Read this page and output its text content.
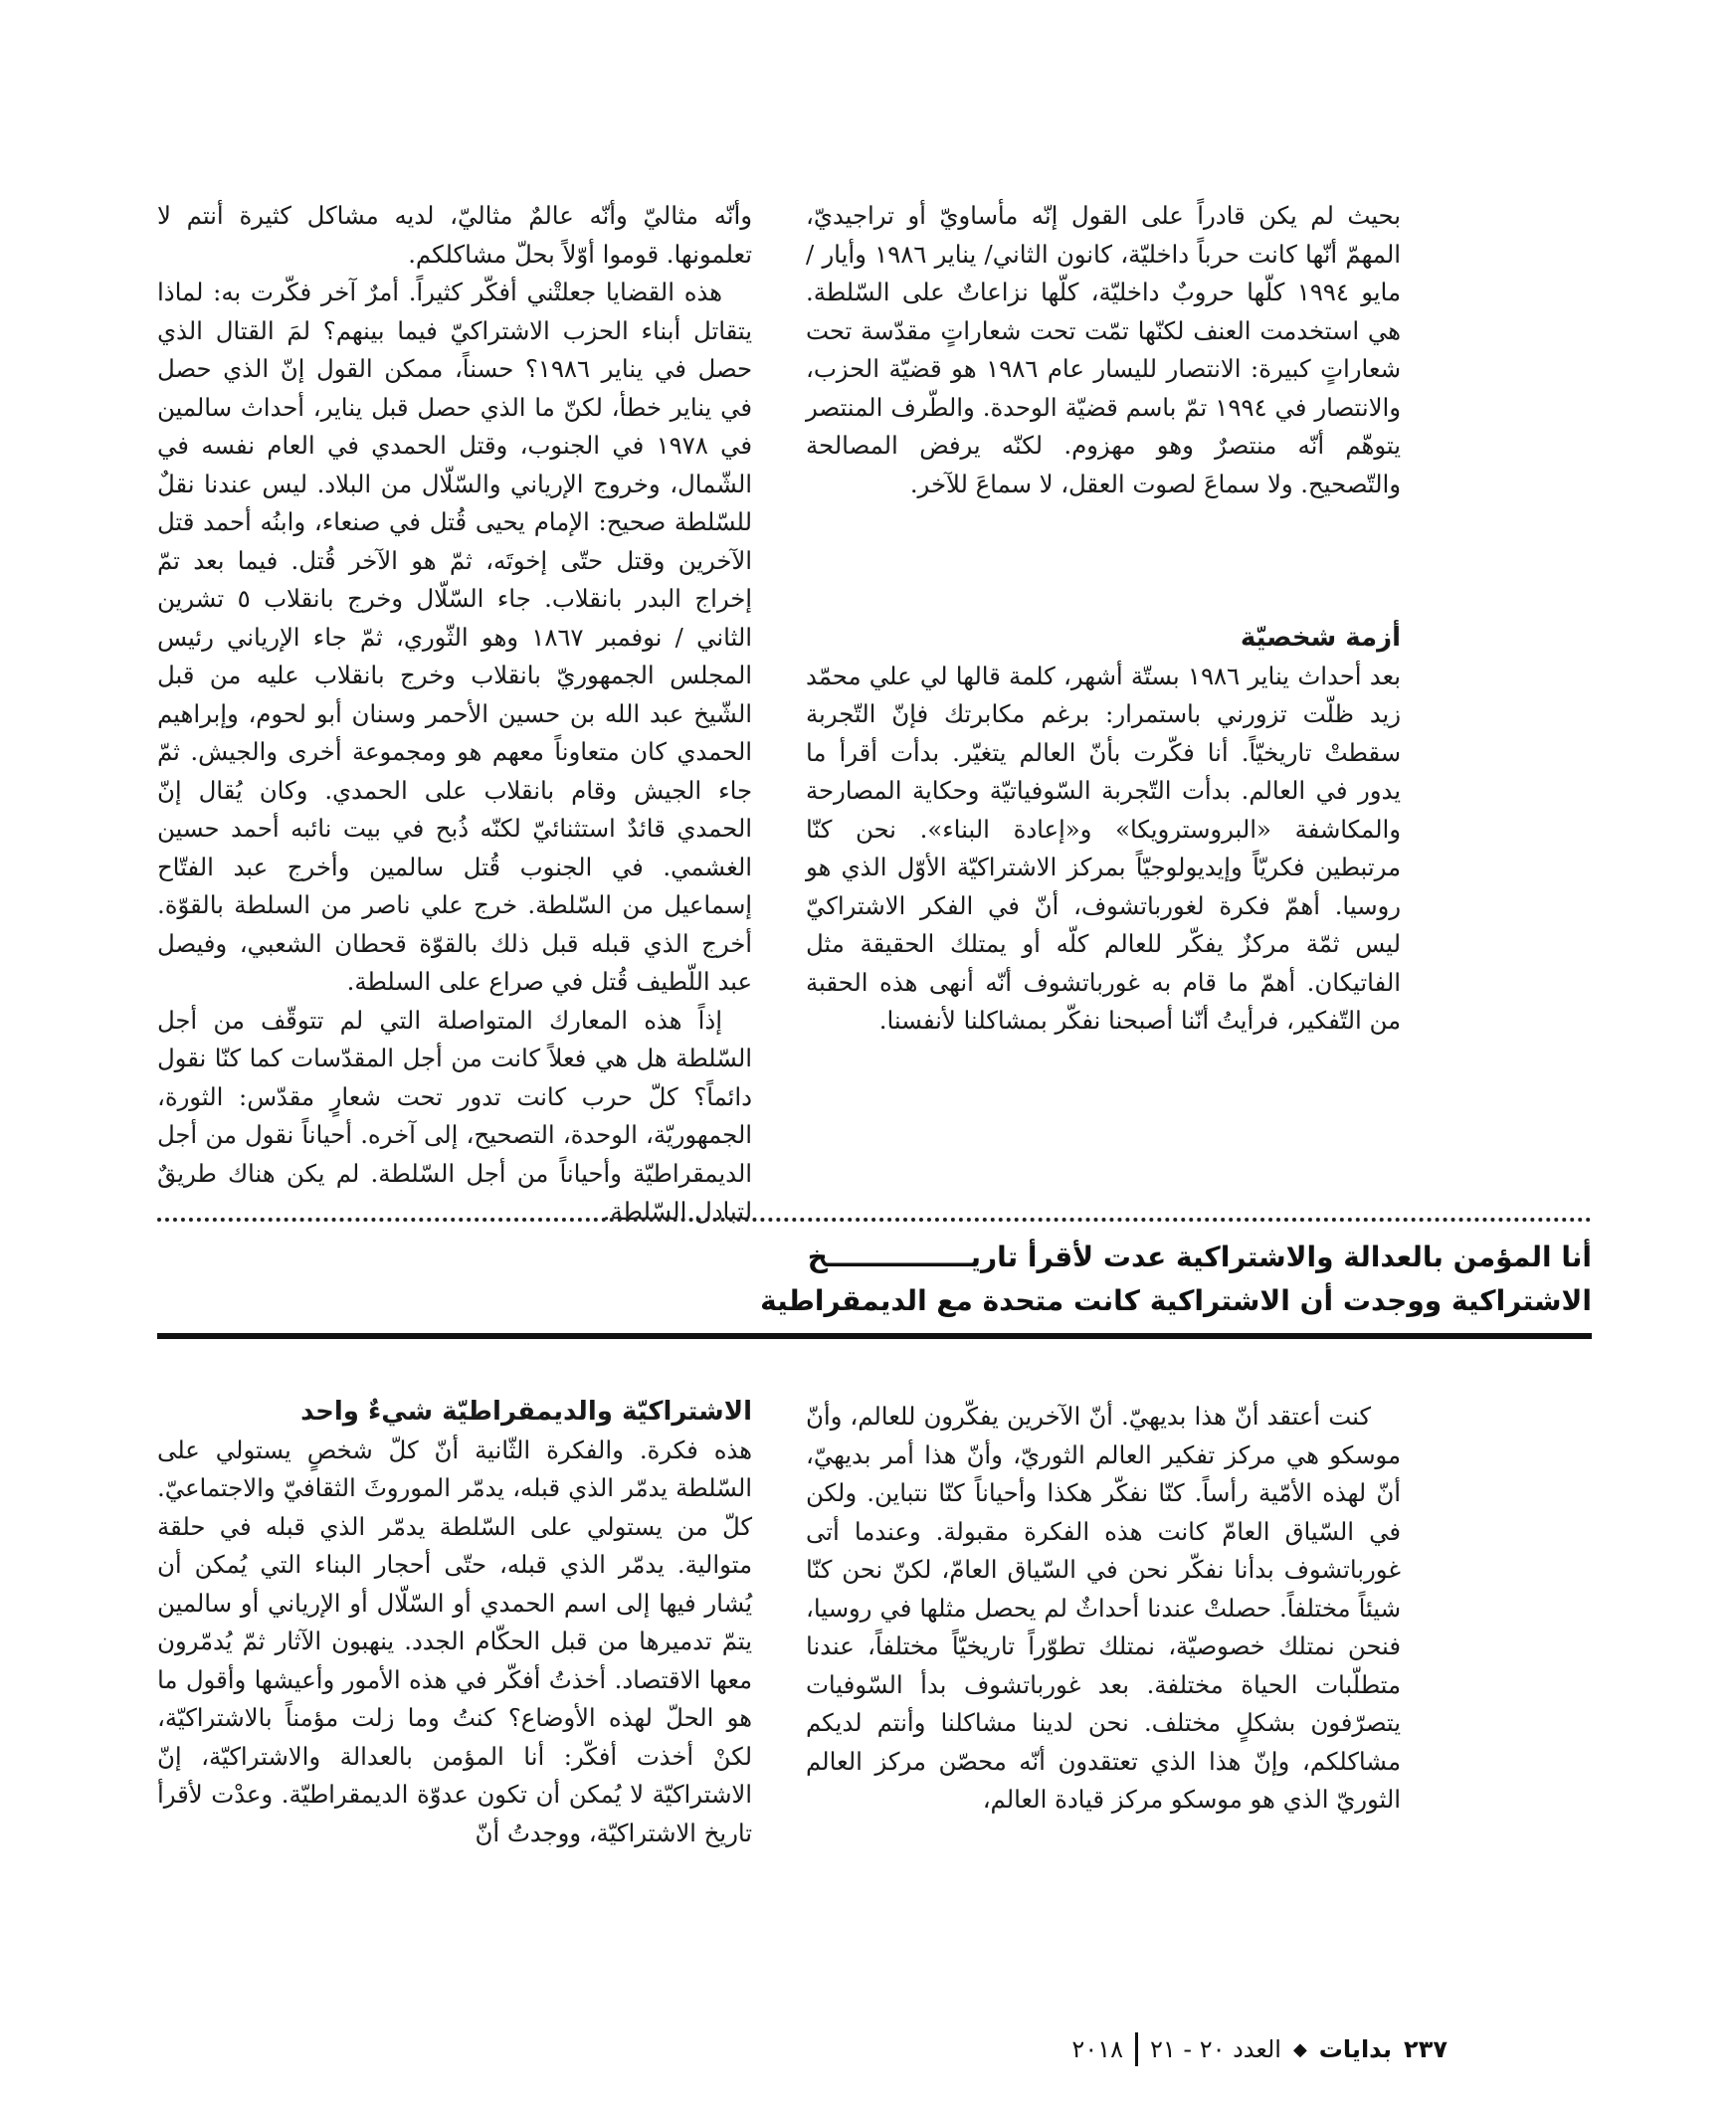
بحيث لم يكن قادراً على القول إنّه مأساويّ أو تراجيديّ، المهمّ أنّها كانت حرباً داخليّة، كانون الثاني/ يناير ١٩٨٦ وأيار / مايو ١٩٩٤ كلّها حروبٌ داخليّة، كلّها نزاعاتٌ على السّلطة. هي استخدمت العنف لكنّها تمّت تحت شعاراتٍ مقدّسة تحت شعاراتٍ كبيرة: الانتصار لليسار عام ١٩٨٦ هو قضيّة الحزب، والانتصار في ١٩٩٤ تمّ باسم قضيّة الوحدة. والطّرف المنتصر يتوهّم أنّه منتصرٌ وهو مهزوم. لكنّه يرفض المصالحة والتّصحيح. ولا سماعَ لصوت العقل، لا سماعَ للآخر.

أزمة شخصيّة

بعد أحداث يناير ١٩٨٦ بستّة أشهر، كلمة قالها لي علي محمّد زيد ظلّت تزورني باستمرار: برغم مكابرتك فإنّ التّجربة سقطتْ تاريخيّاً. أنا فكّرت بأنّ العالم يتغيّر. بدأت أقرأ ما يدور في العالم. بدأت التّجربة السّوفياتيّة وحكاية المصارحة والمكاشفة «البروسترويكا» و«إعادة البناء». نحن كنّا مرتبطين فكريّاً وإيديولوجيّاً بمركز الاشتراكيّة الأوّل الذي هو روسيا. أهمّ فكرة لغورباتشوف، أنّ في الفكر الاشتراكيّ ليس ثمّة مركزٌ يفكّر للعالم كلّه أو يمتلك الحقيقة مثل الفاتيكان. أهمّ ما قام به غورباتشوف أنّه أنهى هذه الحقبة من التّفكير، فرأيتُ أنّنا أصبحنا نفكّر بمشاكلنا لأنفسنا.

كنت أعتقد أنّ هذا بديهيّ. أنّ الآخرين يفكّرون للعالم، وأنّ موسكو هي مركز تفكير العالم الثوريّ، وأنّ هذا أمر بديهيّ، أنّ لهذه الأمّية رأساً. كنّا نفكّر هكذا وأحياناً كنّا نتباين. ولكن في السّياق العامّ كانت هذه الفكرة مقبولة. وعندما أتى غورباتشوف بدأنا نفكّر نحن في السّياق العامّ، لكنّ نحن كنّا شيئاً مختلفاً. حصلتْ عندنا أحداثٌ لم يحصل مثلها في روسيا، فنحن نمتلك خصوصيّة، نمتلك تطوّراً تاريخيّاً مختلفاً، عندنا متطلّبات الحياة مختلفة. بعد غورباتشوف بدأ السّوفيات يتصرّفون بشكلٍ مختلف. نحن لدينا مشاكلنا وأنتم لديكم مشاكلكم، وإنّ هذا الذي تعتقدون أنّه محصّن مركز العالم الثوريّ الذي هو موسكو مركز قيادة العالم،

وأنّه مثاليّ وأنّه عالمٌ مثاليّ، لديه مشاكل كثيرة أنتم لا تعلمونها. قوموا أوّلاً بحلّ مشاكلكم.

هذه القضايا جعلتْني أفكّر كثيراً. أمرٌ آخر فكّرت به: لماذا يتقاتل أبناء الحزب الاشتراكيّ فيما بينهم؟ لمَ القتال الذي حصل في يناير ١٩٨٦؟ حسناً، ممكن القول إنّ الذي حصل في يناير خطأ، لكنّ ما الذي حصل قبل يناير، أحداث سالمين في ١٩٧٨ في الجنوب، وقتل الحمدي في العام نفسه في الشّمال، وخروج الإرياني والسّلّال من البلاد. ليس عندنا نقلٌ للسّلطة صحيح: الإمام يحيى قُتل في صنعاء، وابنُه أحمد قتل الآخرين وقتل حتّى إخوتَه، ثمّ هو الآخر قُتل. فيما بعد تمّ إخراج البدر بانقلاب. جاء السّلّال وخرج بانقلاب ٥ تشرين الثاني / نوفمبر ١٨٦٧ وهو الثّوري، ثمّ جاء الإرياني رئيس المجلس الجمهوريّ بانقلاب وخرج بانقلاب عليه من قبل الشّيخ عبد الله بن حسين الأحمر وسنان أبو لحوم، وإبراهيم الحمدي كان متعاوناً معهم هو ومجموعة أخرى والجيش. ثمّ جاء الجيش وقام بانقلاب على الحمدي. وكان يُقال إنّ الحمدي قائدٌ استثنائيّ لكنّه ذُبح في بيت نائبه أحمد حسين الغشمي. في الجنوب قُتل سالمين وأخرج عبد الفتّاح إسماعيل من السّلطة. خرج علي ناصر من السلطة بالقوّة. أخرج الذي قبله قبل ذلك بالقوّة قحطان الشعبي، وفيصل عبد اللّطيف قُتل في صراع على السلطة.

إذاً هذه المعارك المتواصلة التي لم تتوقّف من أجل السّلطة هل هي فعلاً كانت من أجل المقدّسات كما كنّا نقول دائماً؟ كلّ حرب كانت تدور تحت شعارٍ مقدّس: الثورة، الجمهوريّة، الوحدة، التصحيح، إلى آخره. أحياناً نقول من أجل الديمقراطيّة وأحياناً من أجل السّلطة. لم يكن هناك طريقٌ لتبادل السّلطة.

الاشتراكيّة والديمقراطيّة شيءٌ واحد

هذه فكرة. والفكرة الثّانية أنّ كلّ شخصٍ يستولي على السّلطة يدمّر الذي قبله، يدمّر الموروثَ الثقافيّ والاجتماعيّ. كلّ من يستولي على السّلطة يدمّر الذي قبله في حلقة متوالية. يدمّر الذي قبله، حتّى أحجار البناء التي يُمكن أن يُشار فيها إلى اسم الحمدي أو السّلّال أو الإرياني أو سالمين يتمّ تدميرها من قبل الحكّام الجدد. ينهبون الآثار ثمّ يُدمّرون معها الاقتصاد. أخذتُ أفكّر في هذه الأمور وأعيشها وأقول ما هو الحلّ لهذه الأوضاع؟ كنتُ وما زلت مؤمناً بالاشتراكيّة، لكنْ أخذت أفكّر: أنا المؤمن بالعدالة والاشتراكيّة، إنّ الاشتراكيّة لا يُمكن أن تكون عدوّة الديمقراطيّة. وعدْت لأقرأ تاريخ الاشتراكيّة، ووجدتُ أنّ

أنا المؤمن بالعدالة والاشتراكية عدت لأقرأ تاريـــــــــــــــخ

الاشتراكية ووجدت أن الاشتراكية كانت متحدة مع الديمقراطية

٢٣٧
بدايات
◆
العدد ٢٠ - ٢١
٢٠١٨
